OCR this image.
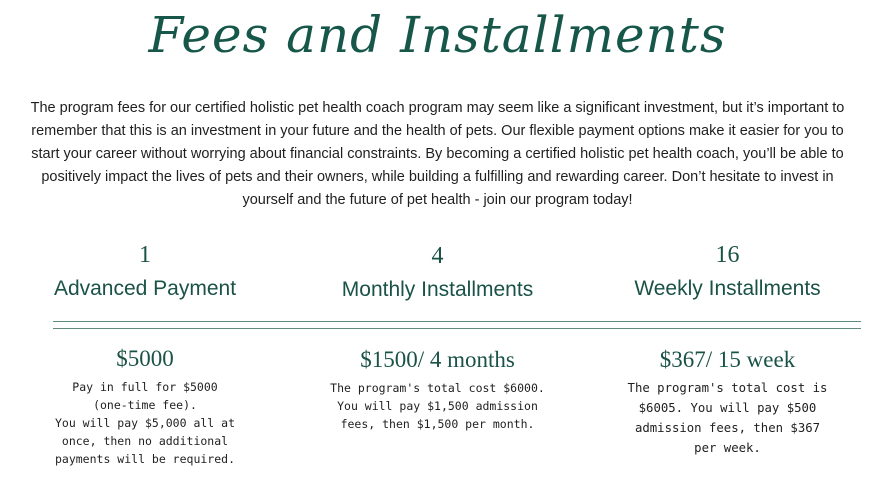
Fees and Installments
The program fees for our certified holistic pet health coach program may seem like a significant investment, but it’s important to remember that this is an investment in your future and the health of pets. Our flexible payment options make it easier for you to start your career without worrying about financial constraints. By becoming a certified holistic pet health coach, you’ll be able to positively impact the lives of pets and their owners, while building a fulfilling and rewarding career. Don’t hesitate to invest in yourself and the future of pet health - join our program today!
1
Advanced Payment
4
Monthly Installments
16
Weekly Installments
$5000	$1500/ 4 months	$367/ 15 week
Pay in full for $5000
(one-time fee).
You will pay $5,000 all at
once, then no additional
payments will be required.
The program's total cost $6000.
You will pay $1,500 admission
fees, then $1,500 per month.
The program's total cost is
$6005. You will pay $500
admission fees, then $367
per week.
